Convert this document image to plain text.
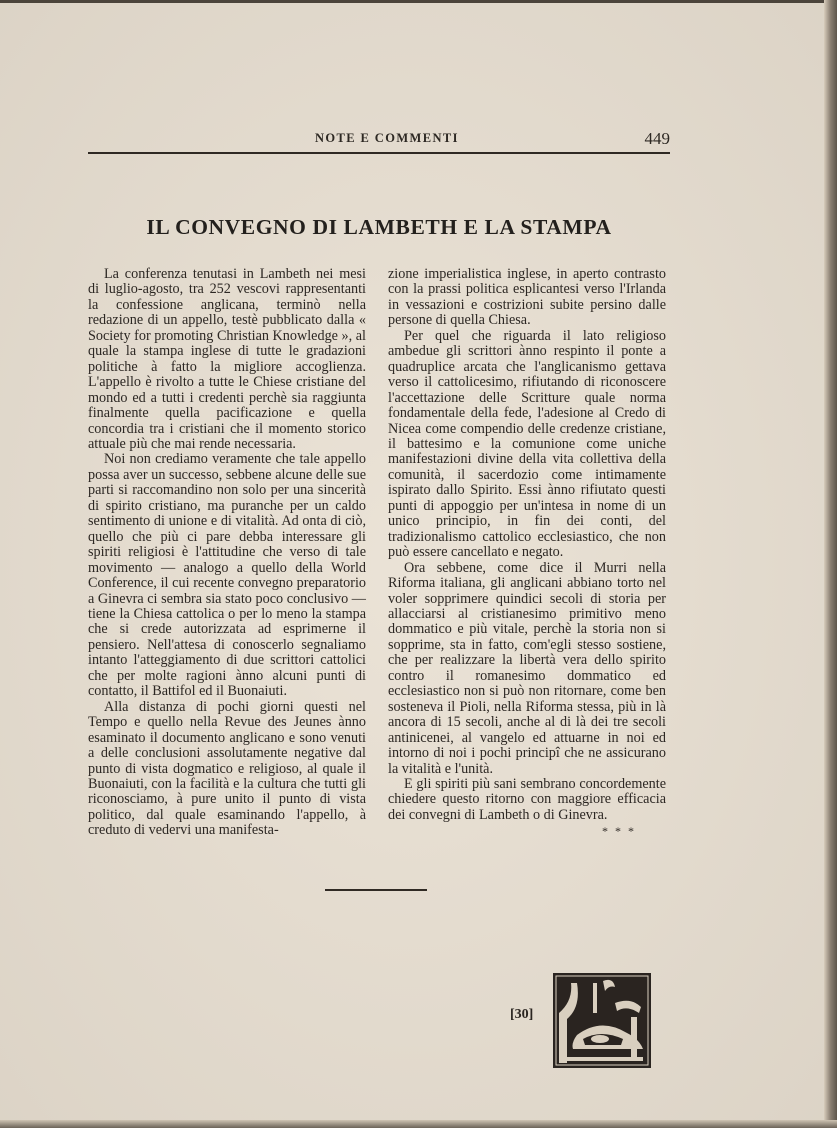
NOTE E COMMENTI	449
IL CONVEGNO DI LAMBETH E LA STAMPA

La conferenza tenutasi in Lambeth nei mesi di luglio-agosto, tra 252 vescovi rappresentanti la confessione anglicana, terminò nella redazione di un appello, testè pubblicato dalla « Society for promoting Christian Knowledge », al quale la stampa inglese di tutte le gradazioni politiche à fatto la migliore accoglienza. L'appello è rivolto a tutte le Chiese cristiane del mondo ed a tutti i credenti perchè sia raggiunta finalmente quella pacificazione e quella concordia tra i cristiani che il momento storico attuale più che mai rende necessaria.

Noi non crediamo veramente che tale appello possa aver un successo, sebbene alcune delle sue parti si raccomandino non solo per una sincerità di spirito cristiano, ma puranche per un caldo sentimento di unione e di vitalità. Ad onta di ciò, quello che più ci pare debba interessare gli spiriti religiosi è l'attitudine che verso di tale movimento — analogo a quello della World Conference, il cui recente convegno preparatorio a Ginevra ci sembra sia stato poco conclusivo — tiene la Chiesa cattolica o per lo meno la stampa che si crede autorizzata ad esprimerne il pensiero. Nell'attesa di conoscerlo segnaliamo intanto l'atteggiamento di due scrittori cattolici che per molte ragioni ànno alcuni punti di contatto, il Battifol ed il Buonaiuti.

Alla distanza di pochi giorni questi nel Tempo e quello nella Revue des Jeunes ànno esaminato il documento anglicano e sono venuti a delle conclusioni assolutamente negative dal punto di vista dogmatico e religioso, al quale il Buonaiuti, con la facilità e la cultura che tutti gli riconosciamo, à pure unito il punto di vista politico, dal quale esaminando l'appello, à creduto di vedervi una manifesta-

zione imperialistica inglese, in aperto contrasto con la prassi politica esplicantesi verso l'Irlanda in vessazioni e costrizioni subite persino dalle persone di quella Chiesa.

Per quel che riguarda il lato religioso ambedue gli scrittori ànno respinto il ponte a quadruplice arcata che l'anglicanismo gettava verso il cattolicesimo, rifiutando di riconoscere l'accettazione delle Scritture quale norma fondamentale della fede, l'adesione al Credo di Nicea come compendio delle credenze cristiane, il battesimo e la comunione come uniche manifestazioni divine della vita collettiva della comunità, il sacerdozio come intimamente ispirato dallo Spirito. Essi ànno rifiutato questi punti di appoggio per un'intesa in nome di un unico principio, in fin dei conti, del tradizionalismo cattolico ecclesiastico, che non può essere cancellato e negato.

Ora sebbene, come dice il Murri nella Riforma italiana, gli anglicani abbiano torto nel voler sopprimere quindici secoli di storia per allacciarsi al cristianesimo primitivo meno dommatico e più vitale, perchè la storia non si sopprime, sta in fatto, com'egli stesso sostiene, che per realizzare la libertà vera dello spirito contro il romanesimo dommatico ed ecclesiastico non si può non ritornare, come ben sosteneva il Pioli, nella Riforma stessa, più in là ancora di 15 secoli, anche al di là dei tre secoli antinicenei, al vangelo ed attuarne in noi ed intorno di noi i pochi principî che ne assicurano la vitalità e l'unità.

E gli spiriti più sani sembrano concordemente chiedere questo ritorno con maggiore efficacia dei convegni di Lambeth o di Ginevra.

* * *
[30]
